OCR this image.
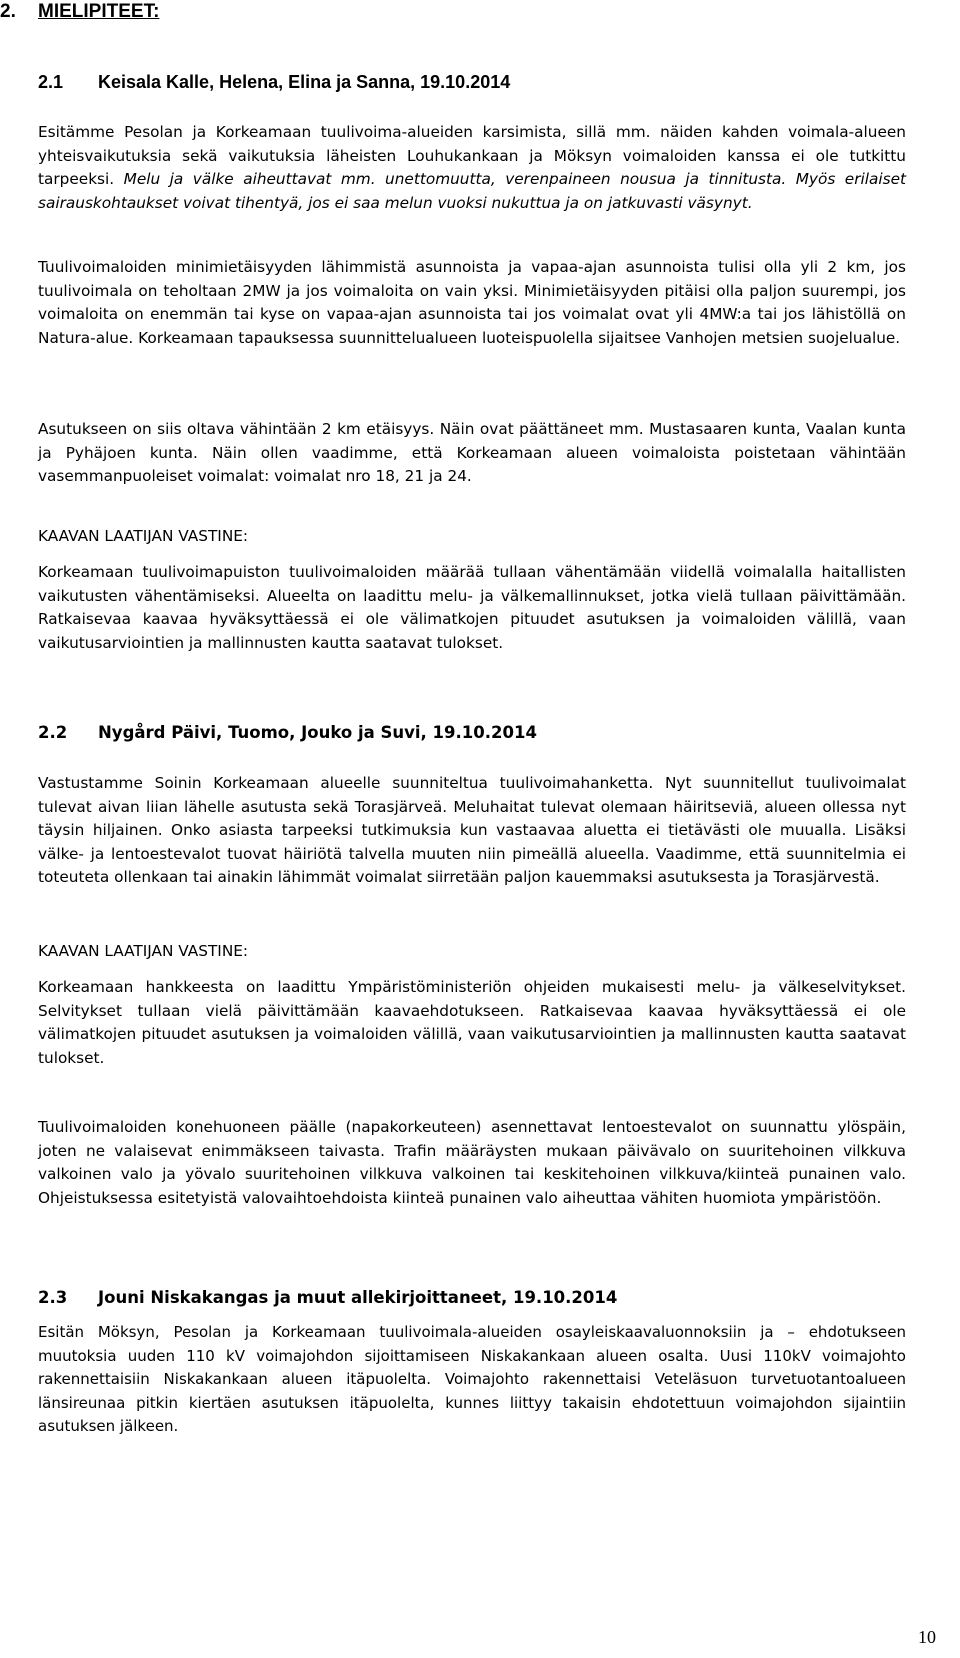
2. MIELIPITEET:
2.1 Keisala Kalle, Helena, Elina ja Sanna, 19.10.2014

Esitämme Pesolan ja Korkeamaan tuulivoima-alueiden karsimista, sillä mm. näiden kahden voimala-alueen yhteisvaikutuksia sekä vaikutuksia läheisten Louhukankaan ja Möksyn voimaloiden kanssa ei ole tutkittu tarpeeksi. Melu ja välke aiheuttavat mm. unettomuutta, verenpaineen nousua ja tinnitusta. Myös erilaiset sairauskohtaukset voivat tihentyä, jos ei saa melun vuoksi nukuttua ja on jatkuvasti väsynyt.

Tuulivoimaloiden minimietäisyyden lähimmistä asunnoista ja vapaa-ajan asunnoista tulisi olla yli 2 km, jos tuulivoimala on teholtaan 2MW ja jos voimaloita on vain yksi. Minimietäisyyden pitäisi olla paljon suurempi, jos voimaloita on enemmän tai kyse on vapaa-ajan asunnoista tai jos voimalat ovat yli 4MW:a tai jos lähistöllä on Natura-alue. Korkeamaan tapauksessa suunnittelualueen luoteispuolella sijaitsee Vanhojen metsien suojelualue.

Asutukseen on siis oltava vähintään 2 km etäisyys. Näin ovat päättäneet mm. Mustasaaren kunta, Vaalan kunta ja Pyhäjoen kunta. Näin ollen vaadimme, että Korkeamaan alueen voimaloista poistetaan vähintään vasemmanpuoleiset voimalat: voimalat nro 18, 21 ja 24.

KAAVAN LAATIJAN VASTINE:

Korkeamaan tuulivoimapuiston tuulivoimaloiden määrää tullaan vähentämään viidellä voimalalla haitallisten vaikutusten vähentämiseksi. Alueelta on laadittu melu- ja välkemallinnukset, jotka vielä tullaan päivittämään. Ratkaisevaa kaavaa hyväksyttäessä ei ole välimatkojen pituudet asutuksen ja voimaloiden välillä, vaan vaikutusarviointien ja mallinnusten kautta saatavat tulokset.

2.2 Nygård Päivi, Tuomo, Jouko ja Suvi, 19.10.2014

Vastustamme Soinin Korkeamaan alueelle suunniteltua tuulivoimahanketta. Nyt suunnitellut tuulivoimalat tulevat aivan liian lähelle asutusta sekä Torasjärveä. Meluhaitat tulevat olemaan häiritseviä, alueen ollessa nyt täysin hiljainen. Onko asiasta tarpeeksi tutkimuksia kun vastaavaa aluetta ei tietävästi ole muualla. Lisäksi välke- ja lentoestevalot tuovat häiriötä talvella muuten niin pimeällä alueella. Vaadimme, että suunnitelmia ei toteuteta ollenkaan tai ainakin lähimmät voimalat siirretään paljon kauemmaksi asutuksesta ja Torasjärvestä.

KAAVAN LAATIJAN VASTINE:

Korkeamaan hankkeesta on laadittu Ympäristöministeriön ohjeiden mukaisesti melu- ja välkeselvitykset. Selvitykset tullaan vielä päivittämään kaavaehdotukseen. Ratkaisevaa kaavaa hyväksyttäessä ei ole välimatkojen pituudet asutuksen ja voimaloiden välillä, vaan vaikutusarviointien ja mallinnusten kautta saatavat tulokset.

Tuulivoimaloiden konehuoneen päälle (napakorkeuteen) asennettavat lentoestevalot on suunnattu ylöspäin, joten ne valaisevat enimmäkseen taivasta. Trafin määräysten mukaan päivävalo on suuritehoinen vilkkuva valkoinen valo ja yövalo suuritehoinen vilkkuva valkoinen tai keskitehoinen vilkkuva/kiinteä punainen valo. Ohjeistuksessa esitetyistä valovaihtoehdoista kiinteä punainen valo aiheuttaa vähiten huomiota ympäristöön.

2.3 Jouni Niskakangas ja muut allekirjoittaneet, 19.10.2014

Esitän Möksyn, Pesolan ja Korkeamaan tuulivoimala-alueiden osayleiskaavaluonnoksiin ja – ehdotukseen muutoksia uuden 110 kV voimajohdon sijoittamiseen Niskakankaan alueen osalta. Uusi 110kV voimajohto rakennettaisiin Niskakankaan alueen itäpuolelta. Voimajohto rakennettaisi Veteläsuon turvetuotantoalueen länsireunaa pitkin kiertäen asutuksen itäpuolelta, kunnes liittyy takaisin ehdotettuun voimajohdon sijaintiin asutuksen jälkeen.

10
